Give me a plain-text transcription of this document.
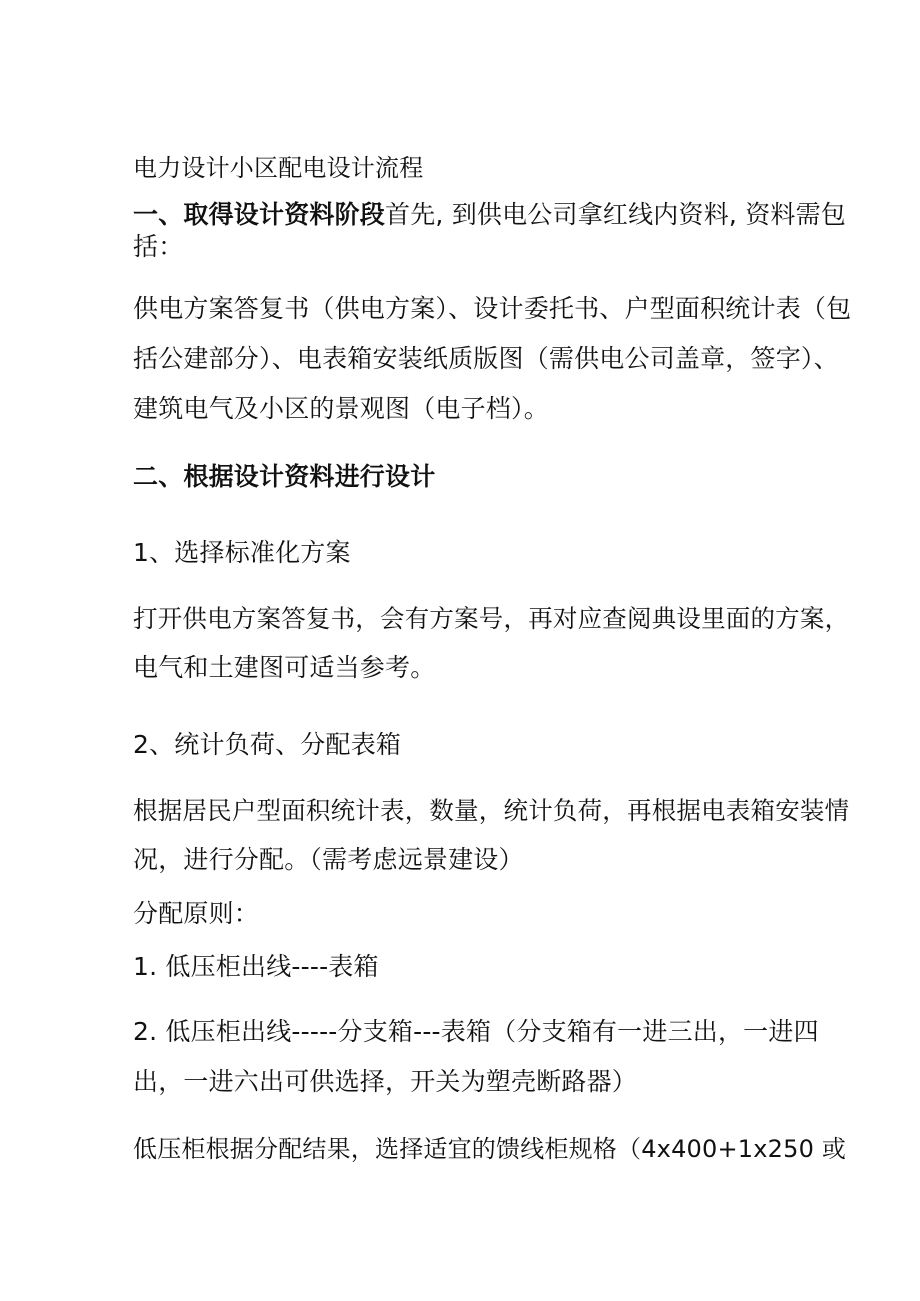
电力设计小区配电设计流程
一、取得设计资料阶段首先, 到供电公司拿红线内资料, 资料需包
括：
供电方案答复书（供电方案）、设计委托书、户型面积统计表（包
括公建部分）、电表箱安装纸质版图（需供电公司盖章，签字）、
建筑电气及小区的景观图（电子档）。
二、根据设计资料进行设计
1、选择标准化方案
打开供电方案答复书，会有方案号，再对应查阅典设里面的方案，
电气和土建图可适当参考。
2、统计负荷、分配表箱
根据居民户型面积统计表，数量，统计负荷，再根据电表箱安装情
况，进行分配。（需考虑远景建设）
分配原则：
1. 低压柜出线----表箱
2. 低压柜出线-----分支箱---表箱（分支箱有一进三出，一进四
出，一进六出可供选择，开关为塑壳断路器）
低压柜根据分配结果，选择适宜的馈线柜规格（4x400+1x250 或
